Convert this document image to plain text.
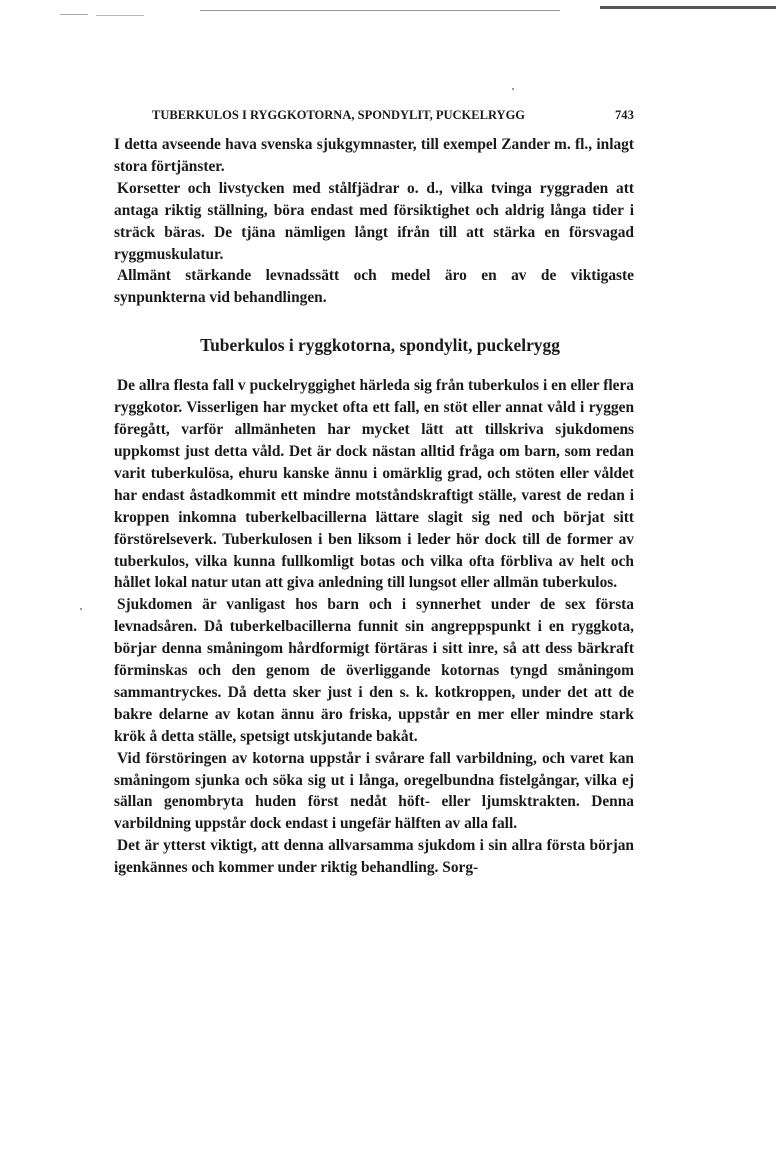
TUBERKULOS I RYGGKOTORNA, SPONDYLIT, PUCKELRYGG	743

I detta avseende hava svenska sjukgymnaster, till exempel Zander m. fl., inlagt stora förtjänster.

Korsetter och livstycken med stålfjädrar o. d., vilka tvinga ryggraden att antaga riktig ställning, böra endast med försiktighet och aldrig långa tider i sträck bäras. De tjäna nämligen långt ifrån till att stärka en försvagad ryggmuskulatur.

Allmänt stärkande levnadssätt och medel äro en av de viktigaste synpunkterna vid behandlingen.

Tuberkulos i ryggkotorna, spondylit, puckelrygg

De allra flesta fall v puckelryggighet härleda sig från tuberkulos i en eller flera ryggkotor. Visserligen har mycket ofta ett fall, en stöt eller annat våld i ryggen föregått, varför allmänheten har mycket lätt att tillskriva sjukdomens uppkomst just detta våld. Det är dock nästan alltid fråga om barn, som redan varit tuberkulösa, ehuru kanske ännu i omärklig grad, och stöten eller våldet har endast åstadkommit ett mindre motståndskraftigt ställe, varest de redan i kroppen inkomna tuberkelbacillerna lättare slagit sig ned och börjat sitt förstörelseverk. Tuberkulosen i ben liksom i leder hör dock till de former av tuberkulos, vilka kunna fullkomligt botas och vilka ofta förbliva av helt och hållet lokal natur utan att giva anledning till lungsot eller allmän tuberkulos.

Sjukdomen är vanligast hos barn och i synnerhet under de sex första levnadsåren. Då tuberkelbacillerna funnit sin angreppspunkt i en ryggkota, börjar denna småningom hårdformigt förtäras i sitt inre, så att dess bärkraft förminskas och den genom de överliggande kotornas tyngd småningom sammantryckes. Då detta sker just i den s. k. kotkroppen, under det att de bakre delarne av kotan ännu äro friska, uppstår en mer eller mindre stark krök å detta ställe, spetsigt utskjutande bakåt.

Vid förstöringen av kotorna uppstår i svårare fall varbildning, och varet kan småningom sjunka och söka sig ut i långa, oregelbundna fistelgångar, vilka ej sällan genombryta huden först nedåt höft- eller ljumsktrakten. Denna varbildning uppstår dock endast i ungefär hälften av alla fall.

Det är ytterst viktigt, att denna allvarsamma sjukdom i sin allra första början igenkännes och kommer under riktig behandling. Sorg-
